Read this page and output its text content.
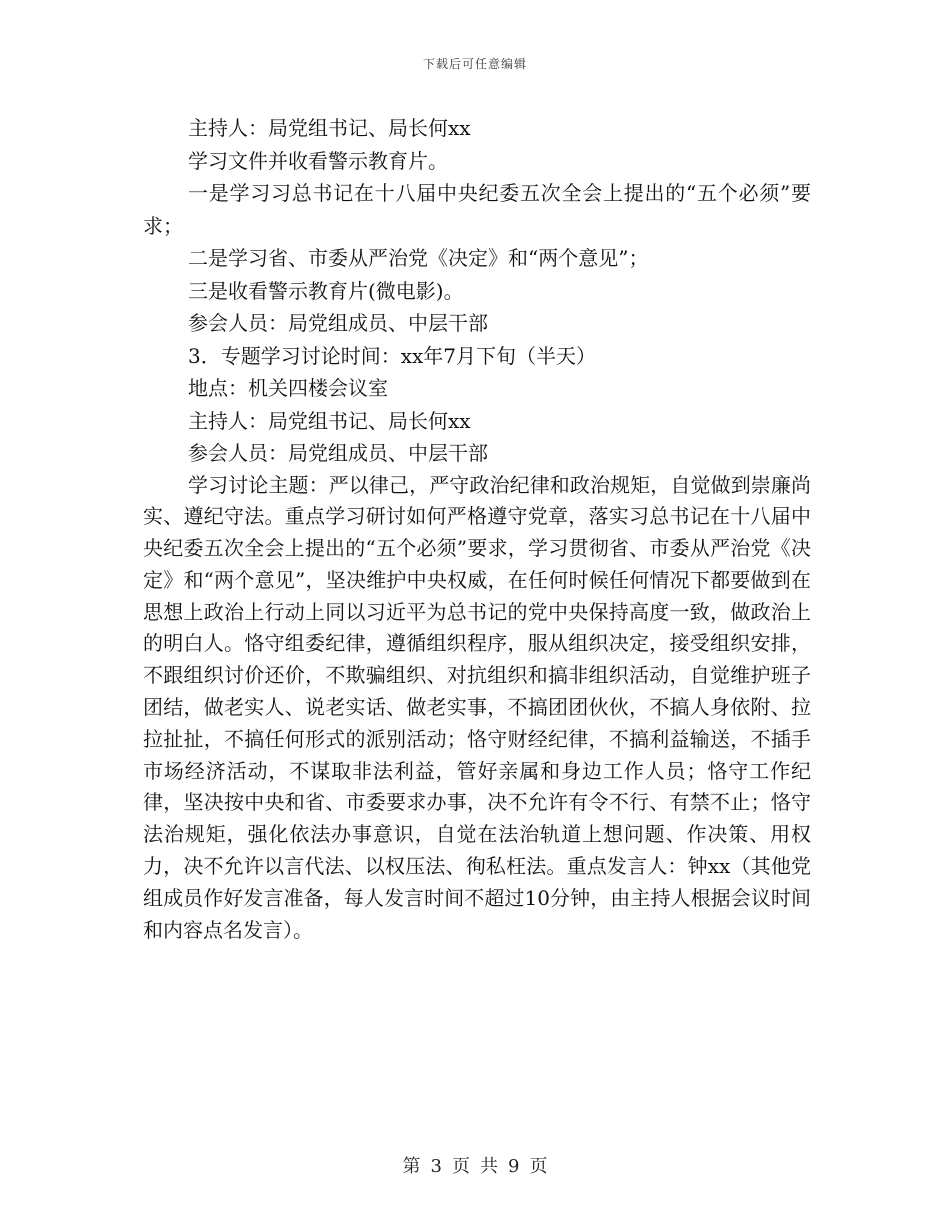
下载后可任意编辑

主持人：局党组书记、局长何xx

学习文件并收看警示教育片。

一是学习习总书记在十八届中央纪委五次全会上提出的“五个必须”要求；

二是学习省、市委从严治党《决定》和“两个意见”；

三是收看警示教育片(微电影)。

参会人员：局党组成员、中层干部

3．专题学习讨论时间：xx年7月下旬（半天）

地点：机关四楼会议室

主持人：局党组书记、局长何xx

参会人员：局党组成员、中层干部

学习讨论主题：严以律己，严守政治纪律和政治规矩，自觉做到崇廉尚实、遵纪守法。重点学习研讨如何严格遵守党章，落实习总书记在十八届中央纪委五次全会上提出的“五个必须”要求，学习贯彻省、市委从严治党《决定》和“两个意见”，坚决维护中央权威，在任何时候任何情况下都要做到在思想上政治上行动上同以习近平为总书记的党中央保持高度一致，做政治上的明白人。恪守组委纪律，遵循组织程序，服从组织决定，接受组织安排，不跟组织讨价还价，不欺骗组织、对抗组织和搞非组织活动，自觉维护班子团结，做老实人、说老实话、做老实事，不搞团团伙伙，不搞人身依附、拉拉扯扯，不搞任何形式的派别活动；恪守财经纪律，不搞利益输送，不插手市场经济活动，不谋取非法利益，管好亲属和身边工作人员；恪守工作纪律，坚决按中央和省、市委要求办事，决不允许有令不行、有禁不止；恪守法治规矩，强化依法办事意识，自觉在法治轨道上想问题、作决策、用权力，决不允许以言代法、以权压法、徇私枉法。重点发言人：钟xx（其他党组成员作好发言准备，每人发言时间不超过10分钟，由主持人根据会议时间和内容点名发言）。

第 3 页 共 9 页
